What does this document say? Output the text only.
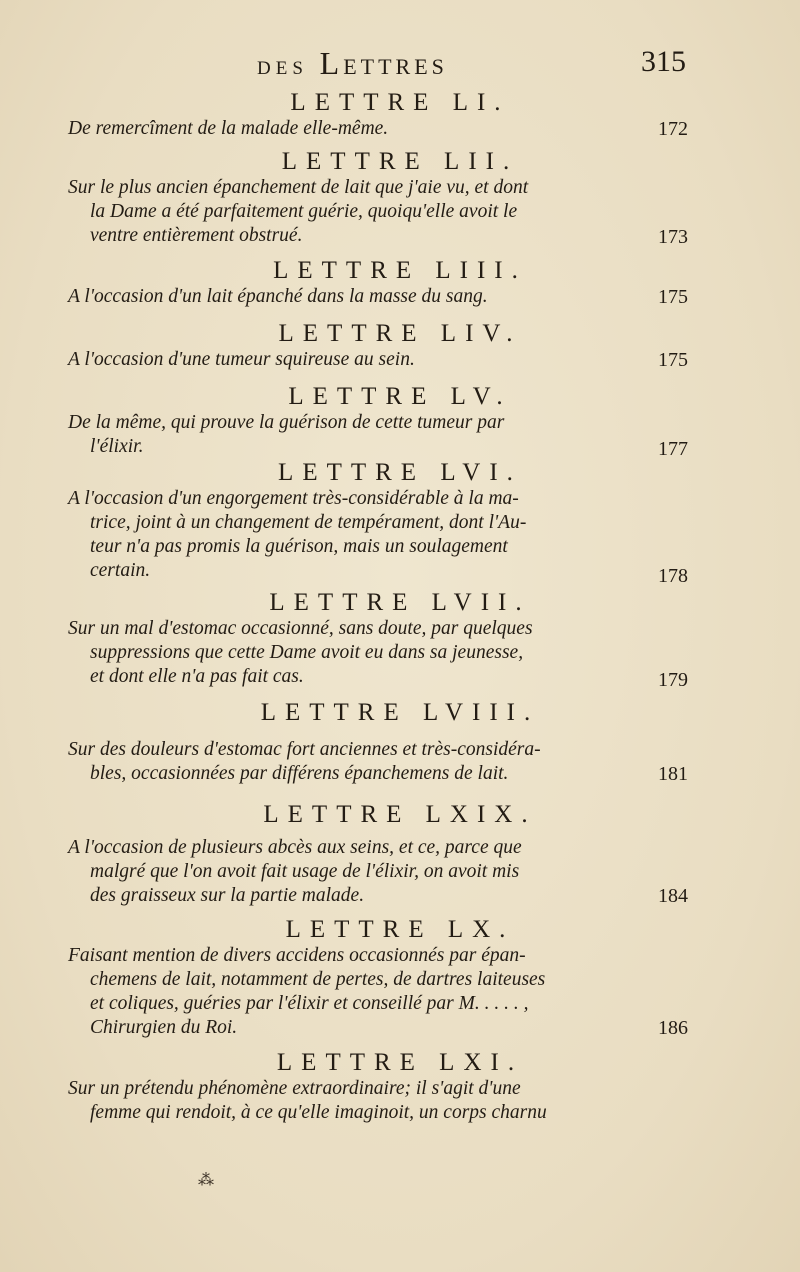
des Lettres	315
LETTRE LI.
De remercîment de la malade elle-même.	172
LETTRE LII.
Sur le plus ancien épanchement de lait que j'aie vu, et dont
la Dame a été parfaitement guérie, quoiqu'elle avoit le
ventre entièrement obstrué.	173
LETTRE LIII.
A l'occasion d'un lait épanché dans la masse du sang.	175
LETTRE LIV.
A l'occasion d'une tumeur squireuse au sein.	175
LETTRE LV.
De la même, qui prouve la guérison de cette tumeur par
l'élixir.	177
LETTRE LVI.
A l'occasion d'un engorgement très-considérable à la ma-
trice, joint à un changement de tempérament, dont l'Au-
teur n'a pas promis la guérison, mais un soulagement
certain.	178
LETTRE LVII.
Sur un mal d'estomac occasionné, sans doute, par quelques
suppressions que cette Dame avoit eu dans sa jeunesse,
et dont elle n'a pas fait cas.	179
LETTRE LVIII.
Sur des douleurs d'estomac fort anciennes et très-considéra-
bles, occasionnées par différens épanchemens de lait.	181
LETTRE LXIX.
A l'occasion de plusieurs abcès aux seins, et ce, parce que
malgré que l'on avoit fait usage de l'élixir, on avoit mis
des graisseux sur la partie malade.	184
LETTRE LX.
Faisant mention de divers accidens occasionnés par épan-
chemens de lait, notamment de pertes, de dartres laiteuses
et coliques, guéries par l'élixir et conseillé par M. . . . . ,
Chirurgien du Roi.	186
LETTRE LXI.
Sur un prétendu phénomène extraordinaire; il s'agit d'une
femme qui rendoit, à ce qu'elle imaginoit, un corps charnu
⁂
